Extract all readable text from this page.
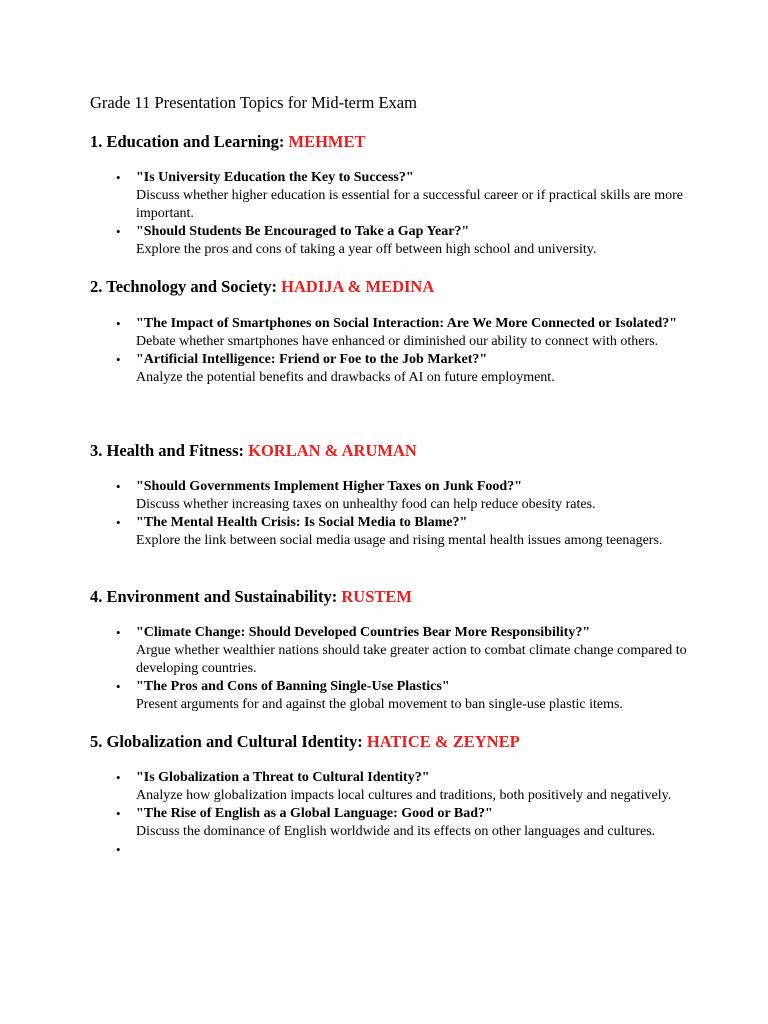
Grade 11 Presentation Topics for Mid-term Exam
1. Education and Learning: MEHMET
• "Is University Education the Key to Success?"
Discuss whether higher education is essential for a successful career or if practical skills are more important.
• "Should Students Be Encouraged to Take a Gap Year?"
Explore the pros and cons of taking a year off between high school and university.
2. Technology and Society: HADIJA & MEDINA
• "The Impact of Smartphones on Social Interaction: Are We More Connected or Isolated?"
Debate whether smartphones have enhanced or diminished our ability to connect with others.
• "Artificial Intelligence: Friend or Foe to the Job Market?"
Analyze the potential benefits and drawbacks of AI on future employment.
3. Health and Fitness: KORLAN & ARUMAN
• "Should Governments Implement Higher Taxes on Junk Food?"
Discuss whether increasing taxes on unhealthy food can help reduce obesity rates.
• "The Mental Health Crisis: Is Social Media to Blame?"
Explore the link between social media usage and rising mental health issues among teenagers.
4. Environment and Sustainability: RUSTEM
• "Climate Change: Should Developed Countries Bear More Responsibility?"
Argue whether wealthier nations should take greater action to combat climate change compared to developing countries.
• "The Pros and Cons of Banning Single-Use Plastics"
Present arguments for and against the global movement to ban single-use plastic items.
5. Globalization and Cultural Identity: HATICE & ZEYNEP
• "Is Globalization a Threat to Cultural Identity?"
Analyze how globalization impacts local cultures and traditions, both positively and negatively.
• "The Rise of English as a Global Language: Good or Bad?"
Discuss the dominance of English worldwide and its effects on other languages and cultures.
•
